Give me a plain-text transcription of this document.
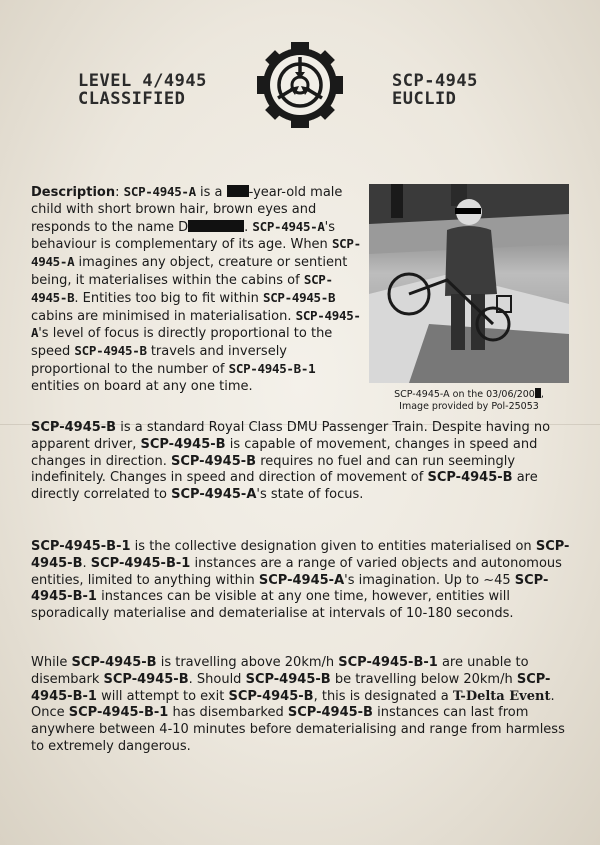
LEVEL 4/4945
CLASSIFIED
SCP-4945
EUCLID
Description: SCP-4945-A is a -year-old male child with short brown hair, brown eyes and responds to the name D	. SCP-4945-A's behaviour is complementary of its age. When SCP-4945-A imagines any object, creature or sentient being, it materialises within the cabins of SCP-4945-B. Entities too big to fit within SCP-4945-B cabins are minimised in materialisation. SCP-4945-A's level of focus is directly proportional to the speed SCP-4945-B travels and inversely proportional to the number of SCP-4945-B-1 entities on board at any one time.
SCP-4945-A on the 03/06/200 ,
Image provided by Pol-25053

SCP-4945-B is a standard Royal Class DMU Passenger Train. Despite having no apparent driver, SCP-4945-B is capable of movement, changes in speed and changes in direction. SCP-4945-B requires no fuel and can run seemingly indefinitely. Changes in speed and direction of movement of SCP-4945-B are directly correlated to SCP-4945-A's state of focus.

SCP-4945-B-1 is the collective designation given to entities materialised on SCP-4945-B. SCP-4945-B-1 instances are a range of varied objects and autonomous entities, limited to anything within SCP-4945-A's imagination. Up to ~45 SCP-4945-B-1 instances can be visible at any one time, however, entities will sporadically materialise and dematerialise at intervals of 10-180 seconds.

While SCP-4945-B is travelling above 20km/h SCP-4945-B-1 are unable to disembark SCP-4945-B. Should SCP-4945-B be travelling below 20km/h SCP-4945-B-1 will attempt to exit SCP-4945-B, this is designated a T-Delta Event. Once SCP-4945-B-1 has disembarked SCP-4945-B instances can last from anywhere between 4-10 minutes before dematerialising and range from harmless to extremely dangerous.
